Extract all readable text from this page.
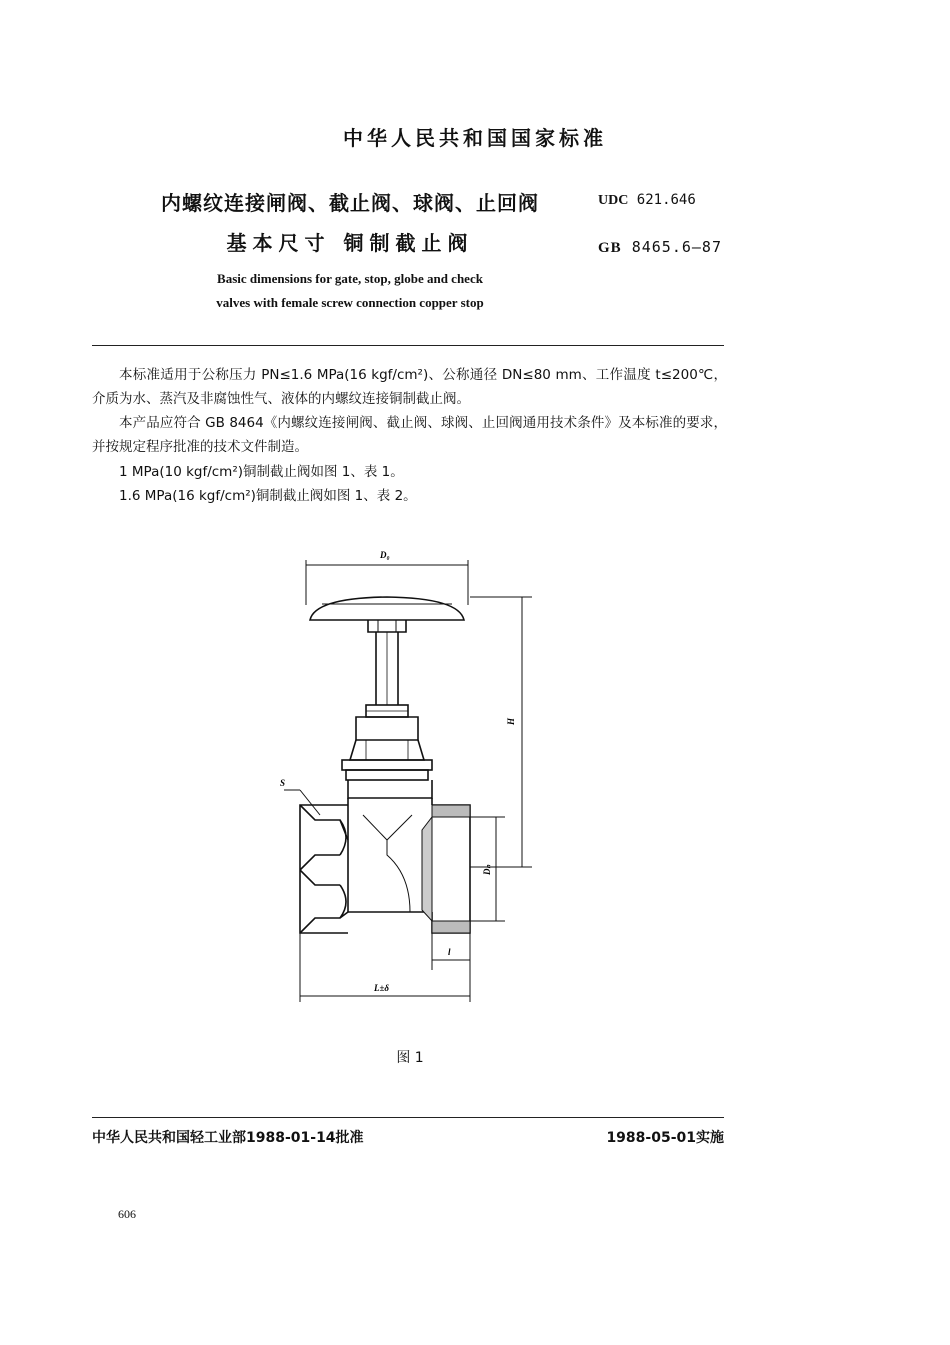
中华人民共和国国家标准
内螺纹连接闸阀、截止阀、球阀、止回阀
基本尺寸 铜制截止阀
UDC 621.646
GB 8465.6—87
Basic dimensions for gate, stop, globe and check
valves with female screw connection copper stop
本标准适用于公称压力 PN≤1.6 MPa(16 kgf/cm²)、公称通径 DN≤80 mm、工作温度 t≤200℃，介质为水、蒸汽及非腐蚀性气、液体的内螺纹连接铜制截止阀。
本产品应符合 GB 8464《内螺纹连接闸阀、截止阀、球阀、止回阀通用技术条件》及本标准的要求，并按规定程序批准的技术文件制造。
1 MPa(10 kgf/cm²)铜制截止阀如图 1、表 1。
1.6 MPa(16 kgf/cm²)铜制截止阀如图 1、表 2。
D₀
H
S
Dₙ
l
L±δ
图 1
中华人民共和国轻工业部1988-01-14批准	1988-05-01实施
606
